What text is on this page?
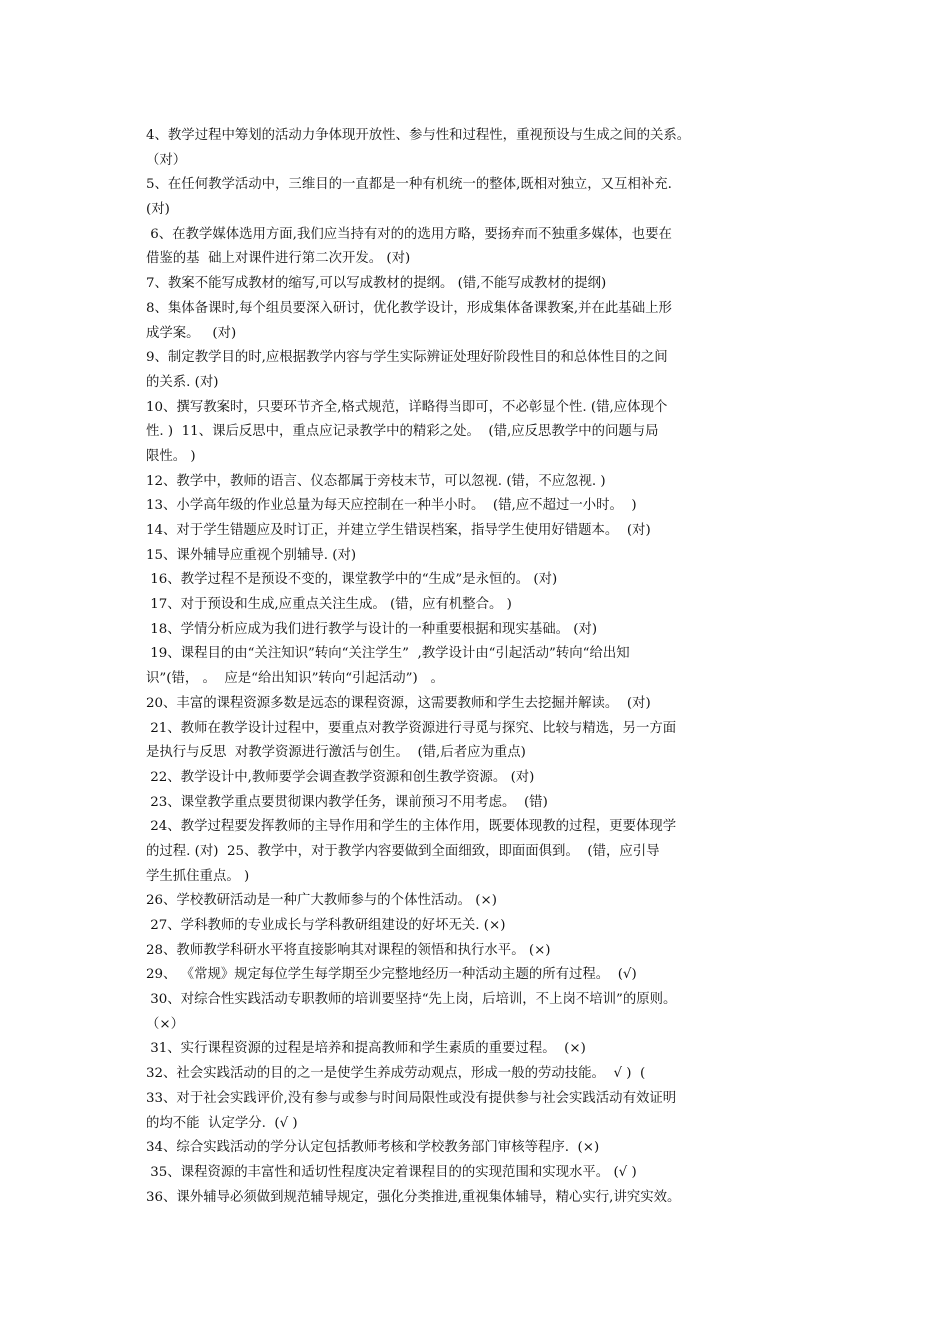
4、教学过程中筹划的活动力争体现开放性、参与性和过程性，重视预设与生成之间的关系。
（对）
5、在任何教学活动中，三维目的一直都是一种有机统一的整体,既相对独立，又互相补充.
(对)
6、在教学媒体选用方面,我们应当持有对的的选用方略，要扬弃而不独重多媒体，也要在
借鉴的基  础上对课件进行第二次开发。 (对)
7、教案不能写成教材的缩写,可以写成教材的提纲。 (错,不能写成教材的提纲)
8、集体备课时,每个组员要深入研讨，优化教学设计，形成集体备课教案,并在此基础上形
成学案。   (对)
9、制定教学目的时,应根据教学内容与学生实际辨证处理好阶段性目的和总体性目的之间
的关系. (对)
10、撰写教案时，只要环节齐全,格式规范，详略得当即可，不必彰显个性. (错,应体现个
性. )  11、课后反思中，重点应记录教学中的精彩之处。  (错,应反思教学中的问题与局
限性。 )
12、教学中，教师的语言、仪态都属于旁枝末节，可以忽视. (错，不应忽视. )
13、小学高年级的作业总量为每天应控制在一种半小时。  (错,应不超过一小时。  )
14、对于学生错题应及时订正，并建立学生错误档案，指导学生使用好错题本。  (对)
15、课外辅导应重视个别辅导. (对)
16、教学过程不是预设不变的，课堂教学中的“生成”是永恒的。 (对)
17、对于预设和生成,应重点关注生成。 (错，应有机整合。 )
18、学情分析应成为我们进行教学与设计的一种重要根据和现实基础。 (对)
19、课程目的由“关注知识”转向“关注学生”  ,教学设计由“引起活动”转向“给出知
识”(错， 。  应是“给出知识”转向“引起活动”)   。
20、丰富的课程资源多数是远态的课程资源，这需要教师和学生去挖掘并解读。  (对)
21、教师在教学设计过程中，要重点对教学资源进行寻觅与探究、比较与精选，另一方面
是执行与反思  对教学资源进行激活与创生。  (错,后者应为重点)
22、教学设计中,教师要学会调查教学资源和创生教学资源。 (对)
23、课堂教学重点要贯彻课内教学任务，课前预习不用考虑。  (错)
24、教学过程要发挥教师的主导作用和学生的主体作用，既要体现教的过程，更要体现学
的过程. (对)  25、教学中，对于教学内容要做到全面细致，即面面俱到。  (错，应引导
学生抓住重点。 )
26、学校教研活动是一种广大教师参与的个体性活动。 (×)
27、学科教师的专业成长与学科教研组建设的好坏无关. (×)
28、教师教学科研水平将直接影响其对课程的领悟和执行水平。 (×)
29、 《常规》规定每位学生每学期至少完整地经历一种活动主题的所有过程。  (√)
30、对综合性实践活动专职教师的培训要坚持“先上岗，后培训，不上岗不培训”的原则。
（×）
31、实行课程资源的过程是培养和提高教师和学生素质的重要过程。  (×)
32、社会实践活动的目的之一是使学生养成劳动观点，形成一般的劳动技能。  √ )  (
33、对于社会实践评价,没有参与或参与时间局限性或没有提供参与社会实践活动有效证明
的均不能  认定学分.  (√ )
34、综合实践活动的学分认定包括教师考核和学校教务部门审核等程序.  (×)
35、课程资源的丰富性和适切性程度决定着课程目的的实现范围和实现水平。 (√ )
36、课外辅导必须做到规范辅导规定，强化分类推进,重视集体辅导，精心实行,讲究实效。
